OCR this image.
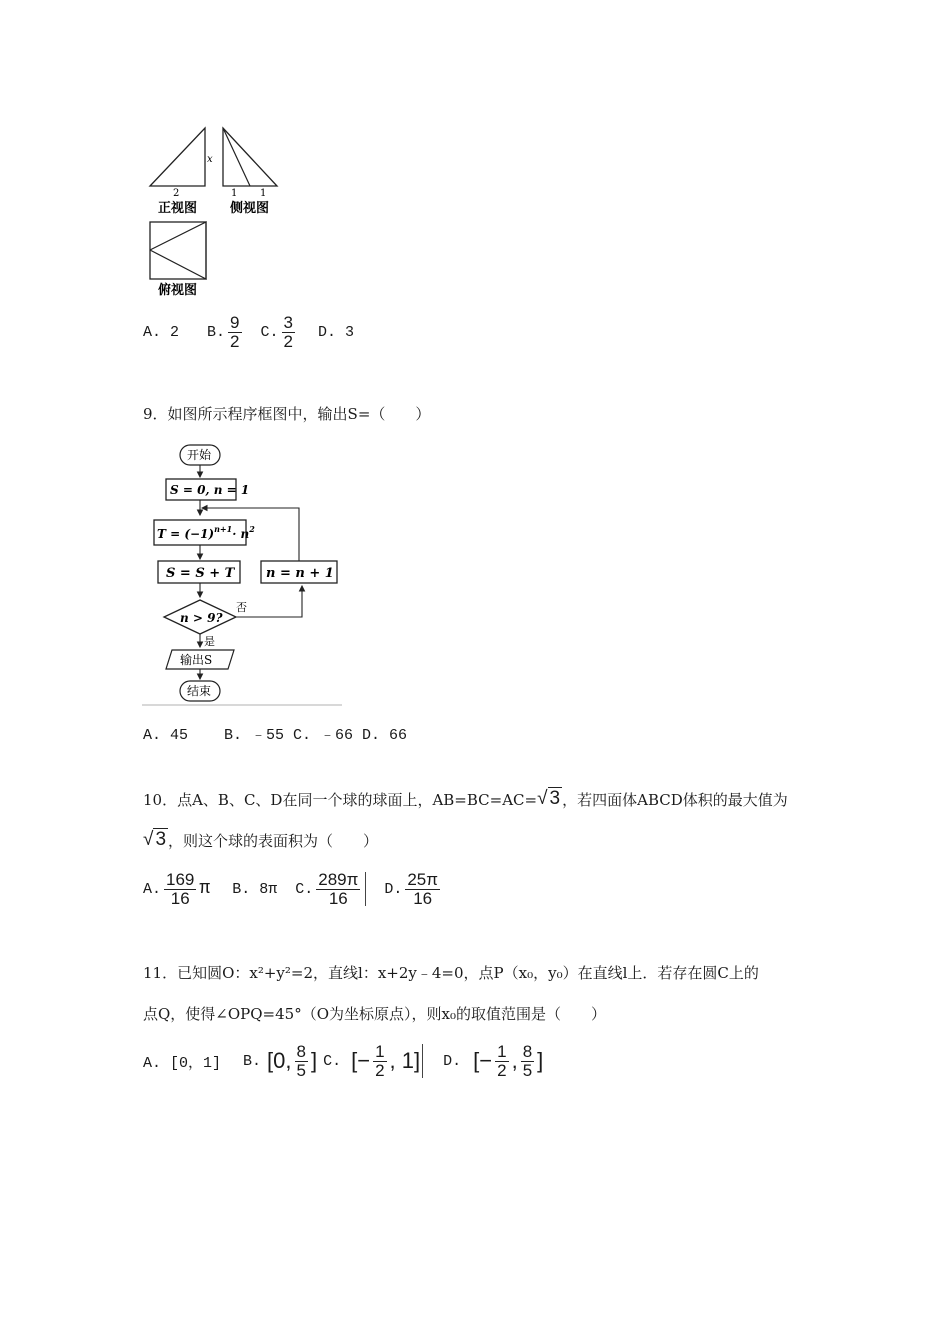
2
x
1 1
正视图	侧视图
俯视图
A. 2 B. $\frac{9}{2} C$. $\frac{3}{2} D$. 3
9．如图所示程序框图中，输出S=（　　）
开始
S = 0, n = 1
$T = (-1)^{n+1}\cdot n^2$
S = S + T
n > 9?
否
是
n = n + 1
输出S
结束
A. 45    B. ﹣55 C. ﹣66 D. 66
10．点A、B、C、D在同一个球的球面上，AB=BC=AC= √ 3 ，若四面体ABCD体积的最大值为
√ 3 ，则这个球的表面积为（　　）
A. $\frac{169}{16}$ π B. 8π C. $\frac{289\pi}{16} D$. $\frac{25\pi}{16}$
11．已知圆O：x²+y²=2，直线l：x+2y﹣4=0，点P（x₀，y₀）在直线l上．若存在圆C上的
点Q，使得∠OPQ=45°（O为坐标原点），则x₀的取值范围是（　　）
A. [0，1] B. [0, $\frac{8}{5}$ ] C. [− $\frac{1}{2}$ , 1] D. [− $\frac{1}{2}$ , $\frac{8}{5}$ ]
